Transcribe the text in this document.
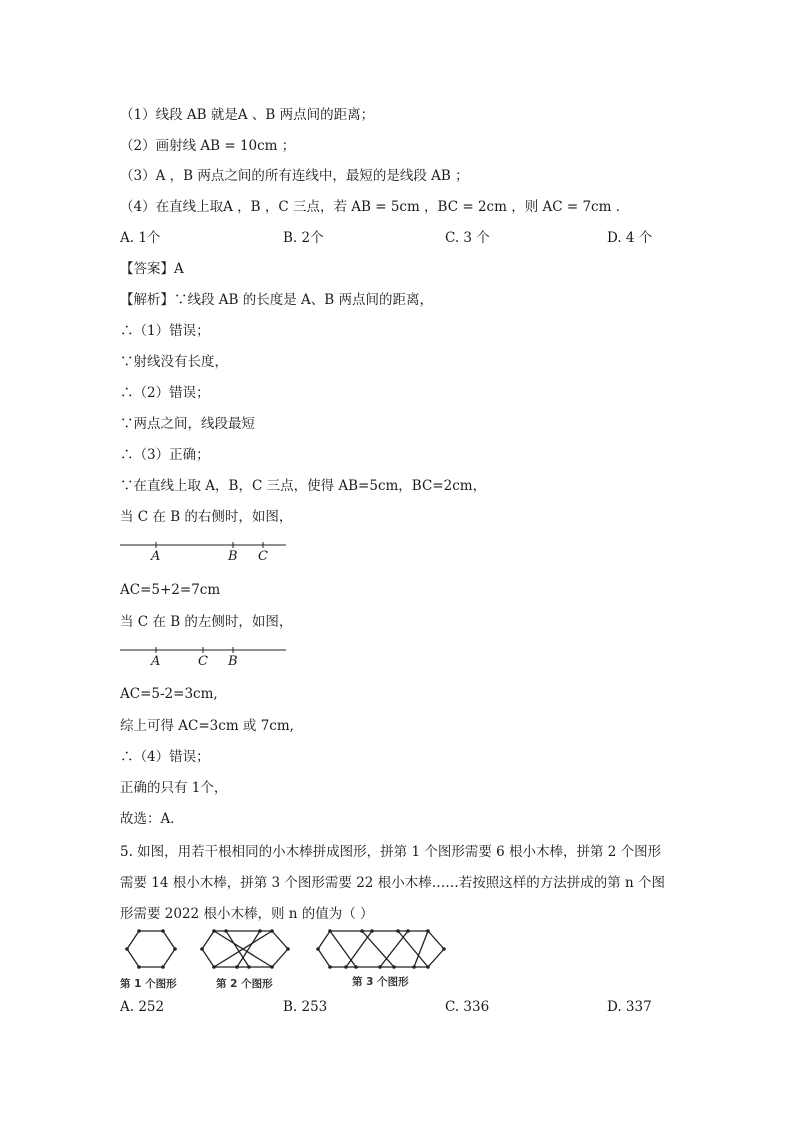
（1）线段 AB 就是A 、B 两点间的距离；
（2）画射线 AB = 10cm ；
（3）A ，B 两点之间的所有连线中，最短的是线段 AB ；
（4）在直线上取A ，B ，C 三点，若 AB = 5cm ，BC = 2cm ，则 AC = 7cm ．
A. 1个	B. 2个	C. 3 个	D. 4 个
【答案】A
【解析】∵线段 AB 的长度是 A、B 两点间的距离，
∴（1）错误；
∵射线没有长度，
∴（2）错误；
∵两点之间，线段最短
∴（3）正确；
∵在直线上取 A，B，C 三点，使得 AB=5cm，BC=2cm，
当 C 在 B 的右侧时，如图，
A	B C
AC=5+2=7cm
当 C 在 B 的左侧时，如图，
A	C B
AC=5-2=3cm,
综上可得 AC=3cm 或 7cm,
∴（4）错误；
正确的只有 1个，
故选：A．
5. 如图，用若干根相同的小木棒拼成图形，拼第 1 个图形需要 6 根小木棒，拼第 2 个图形
需要 14 根小木棒，拼第 3 个图形需要 22 根小木棒……若按照这样的方法拼成的第 n 个图
形需要 2022 根小木棒，则 n 的值为（ ）
第 1 个图形	第 2 个图形	第 3 个图形
A. 252	B. 253	C. 336	D. 337
